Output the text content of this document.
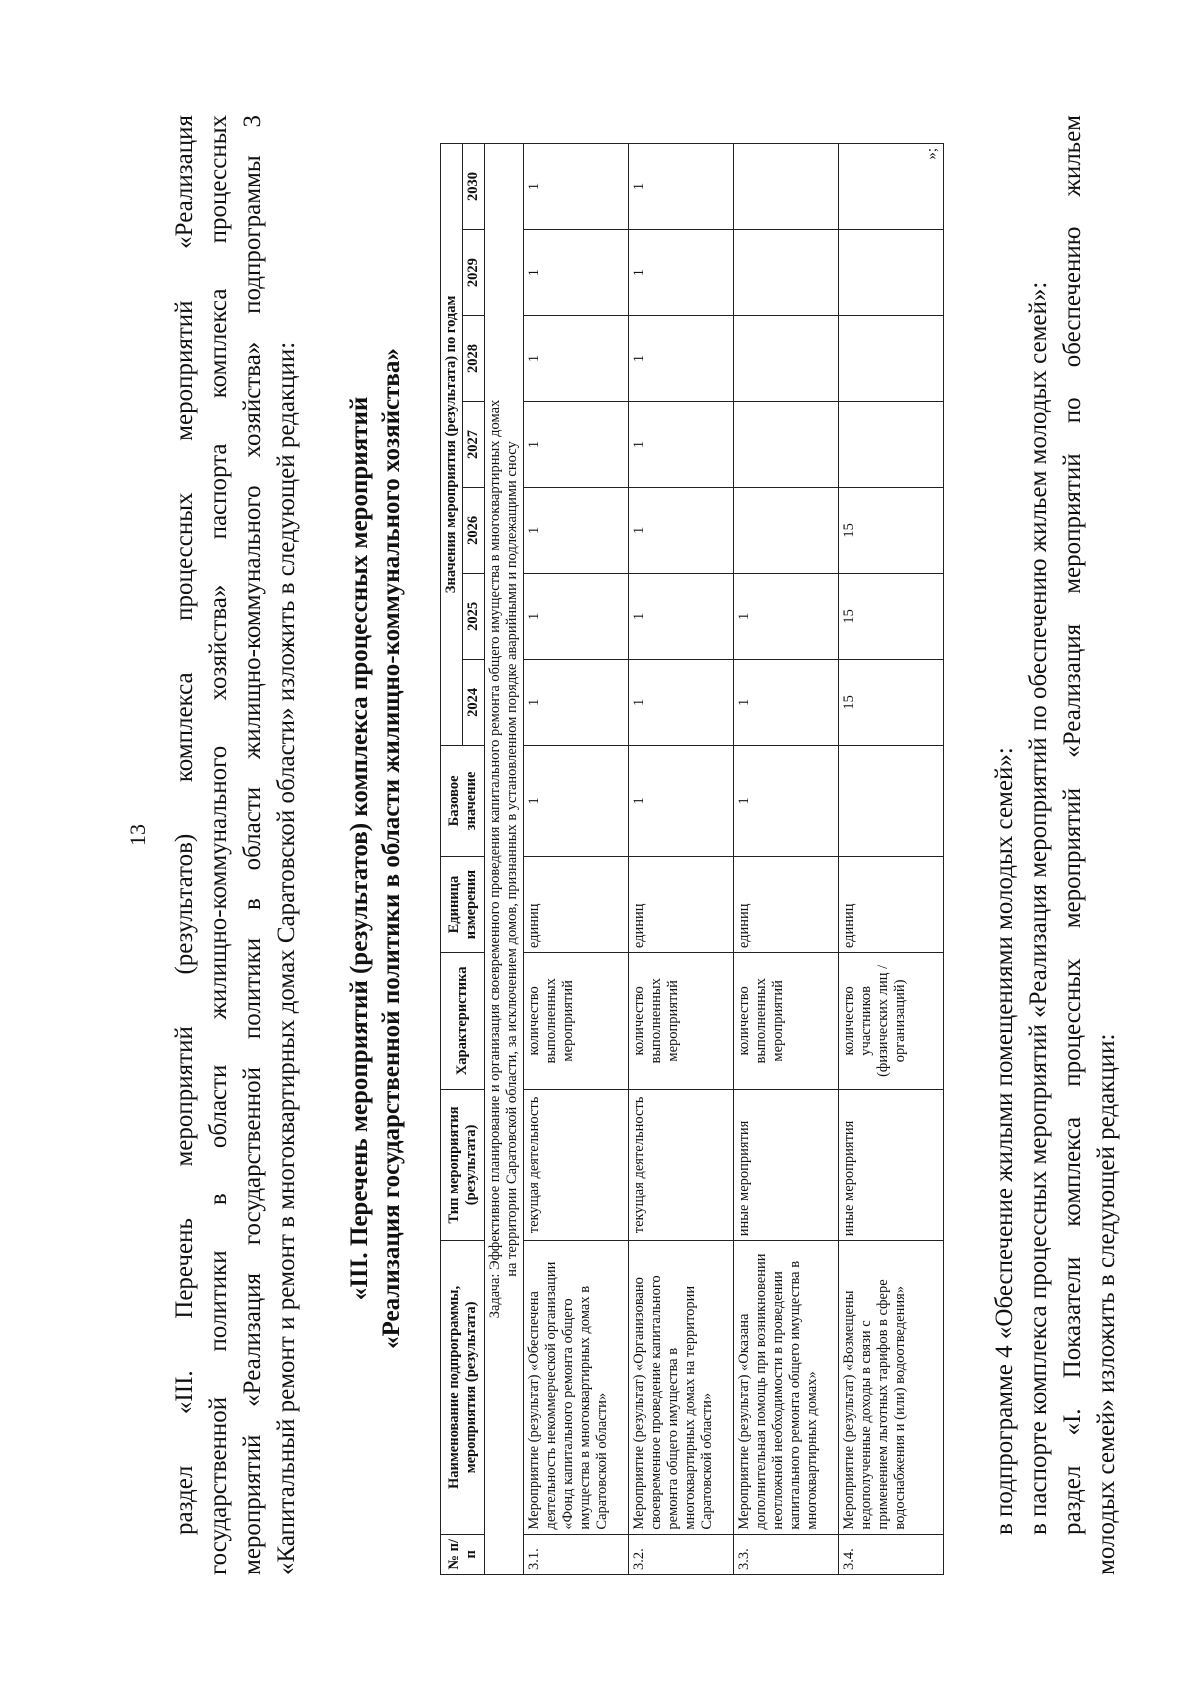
13 раздел «III. Перечень мероприятий (результатов) комплекса процессных мероприятий «Реализация государственной политики в области жилищно-коммунального хозяйства» паспорта комплекса процессных мероприятий «Реализация государственной политики в области жилищно-коммунального хозяйства» подпрограммы 3 «Капитальный ремонт и ремонт в многоквартирных домах Саратовской области» изложить в следующей редакции: «III. Перечень мероприятий (результатов) комплекса процессных мероприятий «Реализация государственной политики в области жилищно-коммунального хозяйства»
№ п/п	Наименование подпрограммы, мероприятия (результата)	Тип мероприятия (результата)	Характеристика	Единица измерения	Базовое значение	Значения мероприятия (результата) по годам						
						2024	2025	2026	2027	2028	2029	2030

Задача: Эффективное планирование и организация своевременного проведения капитального ремонта общего имущества в многоквартирных домах на территории Саратовской области, за исключением домов, признанных в установленном порядке аварийными и подлежащими сносу												

3.1.	Мероприятие (результат) «Обеспечена деятельность некоммерческой организации «Фонд капитального ремонта общего имущества в многоквартирных домах в Саратовской области»	текущая деятельность	количество выполненных мероприятий	единиц	1	1	1	1	1	1	1	1
3.2.	Мероприятие (результат) «Организовано своевременное проведение капитального ремонта общего имущества в многоквартирных домах на территории Саратовской области»	текущая деятельность	количество выполненных мероприятий	единиц	1	1	1	1	1	1	1	1
3.3.	Мероприятие (результат) «Оказана дополнительная помощь при возникновении неотложной необходимости в проведении капитального ремонта общего имущества в многоквартирных домах»	иные мероприятия	количество выполненных мероприятий	единиц	1	1	1					
3.4.	Мероприятие (результат) «Возмещены недополученные доходы в связи с применением льготных тарифов в сфере водоснабжения и (или) водоотведения»	иные мероприятия	количество участников (физических лиц / организаций)	единиц		15	15	15				»;
в подпрограмме 4 «Обеспечение жилыми помещениями молодых семей»: в паспорте комплекса процессных мероприятий «Реализация мероприятий по обеспечению жильем молодых семей»: раздел «I. Показатели комплекса процессных мероприятий «Реализация мероприятий по обеспечению жильем молодых семей» изложить в следующей редакции:
